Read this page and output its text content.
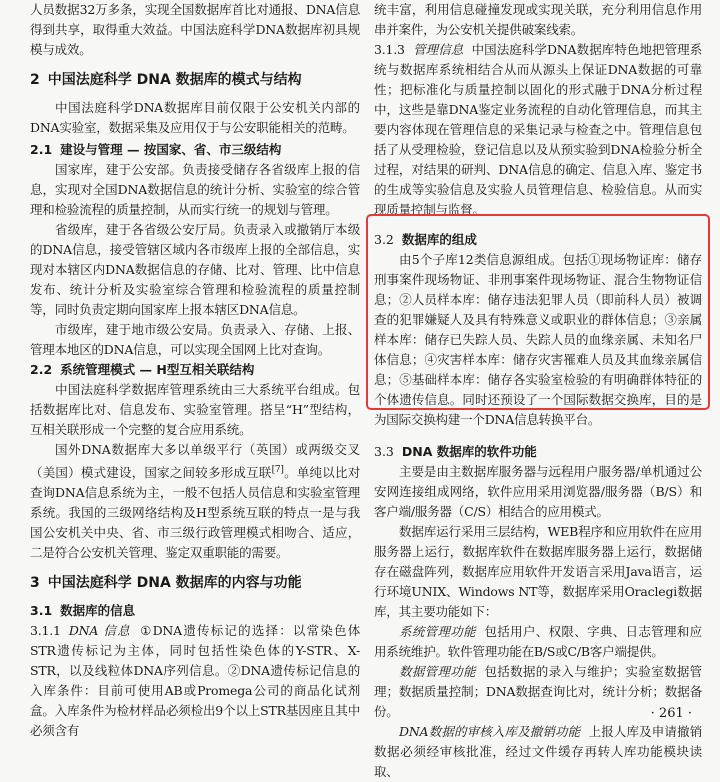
人员数据32万多条，实现全国数据库首比对通报、DNA信息得到共享，取得重大效益。中国法庭科学DNA数据库初具规模与成效。

2 中国法庭科学 DNA 数据库的模式与结构

中国法庭科学DNA数据库目前仅限于公安机关内部的DNA实验室，数据采集及应用仅于与公安职能相关的范畴。

2.1 建设与管理 — 按国家、省、市三级结构

国家库，建于公安部。负责接受储存各省级库上报的信息，实现对全国DNA数据信息的统计分析、实验室的综合管理和检验流程的质量控制，从而实行统一的规划与管理。

省级库，建于各省级公安厅局。负责录入或撤销厅本级的DNA信息，接受管辖区域内各市级库上报的全部信息，实现对本辖区内DNA数据信息的存储、比对、管理、比中信息发布、统计分析及实验室综合管理和检验流程的质量控制等，同时负责定期向国家库上报本辖区DNA信息。

市级库，建于地市级公安局。负责录入、存储、上报、管理本地区的DNA信息，可以实现全国网上比对查询。

2.2 系统管理模式 — H型互相关联结构

中国法庭科学数据库管理系统由三大系统平台组成。包括数据库比对、信息发布、实验室管理。搭呈“H”型结构，互相关联形成一个完整的复合应用系统。

国外DNA数据库大多以单级平行（英国）或两级交叉（美国）模式建设，国家之间较多形成互联[7]。单纯以比对查询DNA信息系统为主，一般不包括人员信息和实验室管理系统。我国的三级网络结构及H型系统互联的特点一是与我国公安机关中央、省、市三级行政管理模式相吻合、适应，二是符合公安机关管理、鉴定双重职能的需要。

3 中国法庭科学 DNA 数据库的内容与功能
3.1 数据库的信息

3.1.1 DNA 信息 ①DNA遗传标记的选择：以常染色体STR遗传标记为主体，同时包括性染色体的Y-STR、X-STR，以及线粒体DNA序列信息。②DNA遗传标记信息的入库条件：目前可使用AB或Promega公司的商品化试剂盒。入库条件为检材样品必须检出9个以上STR基因座且其中必须含有

统丰富，利用信息碰撞发现或实现关联，充分利用信息作用串并案件，为公安机关提供破案线索。

3.1.3 管理信息 中国法庭科学DNA数据库特色地把管理系统与数据库系统相结合从而从源头上保证DNA数据的可靠性；把标准化与质量控制以固化的形式融于DNA分析过程中，这些是靠DNA鉴定业务流程的自动化管理信息，而其主要内容体现在管理信息的采集记录与检查之中。管理信息包括了从受理检验，登记信息以及从预实验到DNA检验分析全过程，对结果的研判、DNA信息的确定、信息入库、鉴定书的生成等实验信息及实验人员管理信息、检验信息。从而实现质量控制与监督。

3.2 数据库的组成

由5个子库12类信息源组成。包括①现场物证库：储存刑事案件现场物证、非刑事案件现场物证、混合生物物证信息；②人员样本库：储存违法犯罪人员（即前科人员）被调查的犯罪嫌疑人及具有特殊意义或职业的群体信息；③亲属样本库：储存已失踪人员、失踪人员的血缘亲属、未知名尸体信息；④灾害样本库：储存灾害罹难人员及其血缘亲属信息；⑤基础样本库：储存各实验室检验的有明确群体特征的个体遗传信息。同时还预设了一个国际数据交换库，目的是为国际交换构建一个DNA信息转换平台。

3.3 DNA 数据库的软件功能

主要是由主数据库服务器与远程用户服务器/单机通过公安网连接组成网络，软件应用采用浏览器/服务器（B/S）和客户端/服务器（C/S）相结合的应用模式。

数据库运行采用三层结构，WEB程序和应用软件在应用服务器上运行，数据库软件在数据库服务器上运行，数据储存在磁盘阵列，数据库应用软件开发语言采用Java语言，运行环境UNIX、Windows NT等，数据库采用Oraclegi数据库，其主要功能如下：

系统管理功能 包括用户、权限、字典、日志管理和应用系统维护。软件管理功能在B/S或C/B客户端提供。

数据管理功能 包括数据的录入与维护；实验室数据管理；数据质量控制；DNA数据查询比对，统计分析；数据备份。

DNA数据的审核入库及撤销功能 上报人库及申请撤销数据必须经审核批准，经过文件缓存再转人库功能模块读取、

· 261 ·
